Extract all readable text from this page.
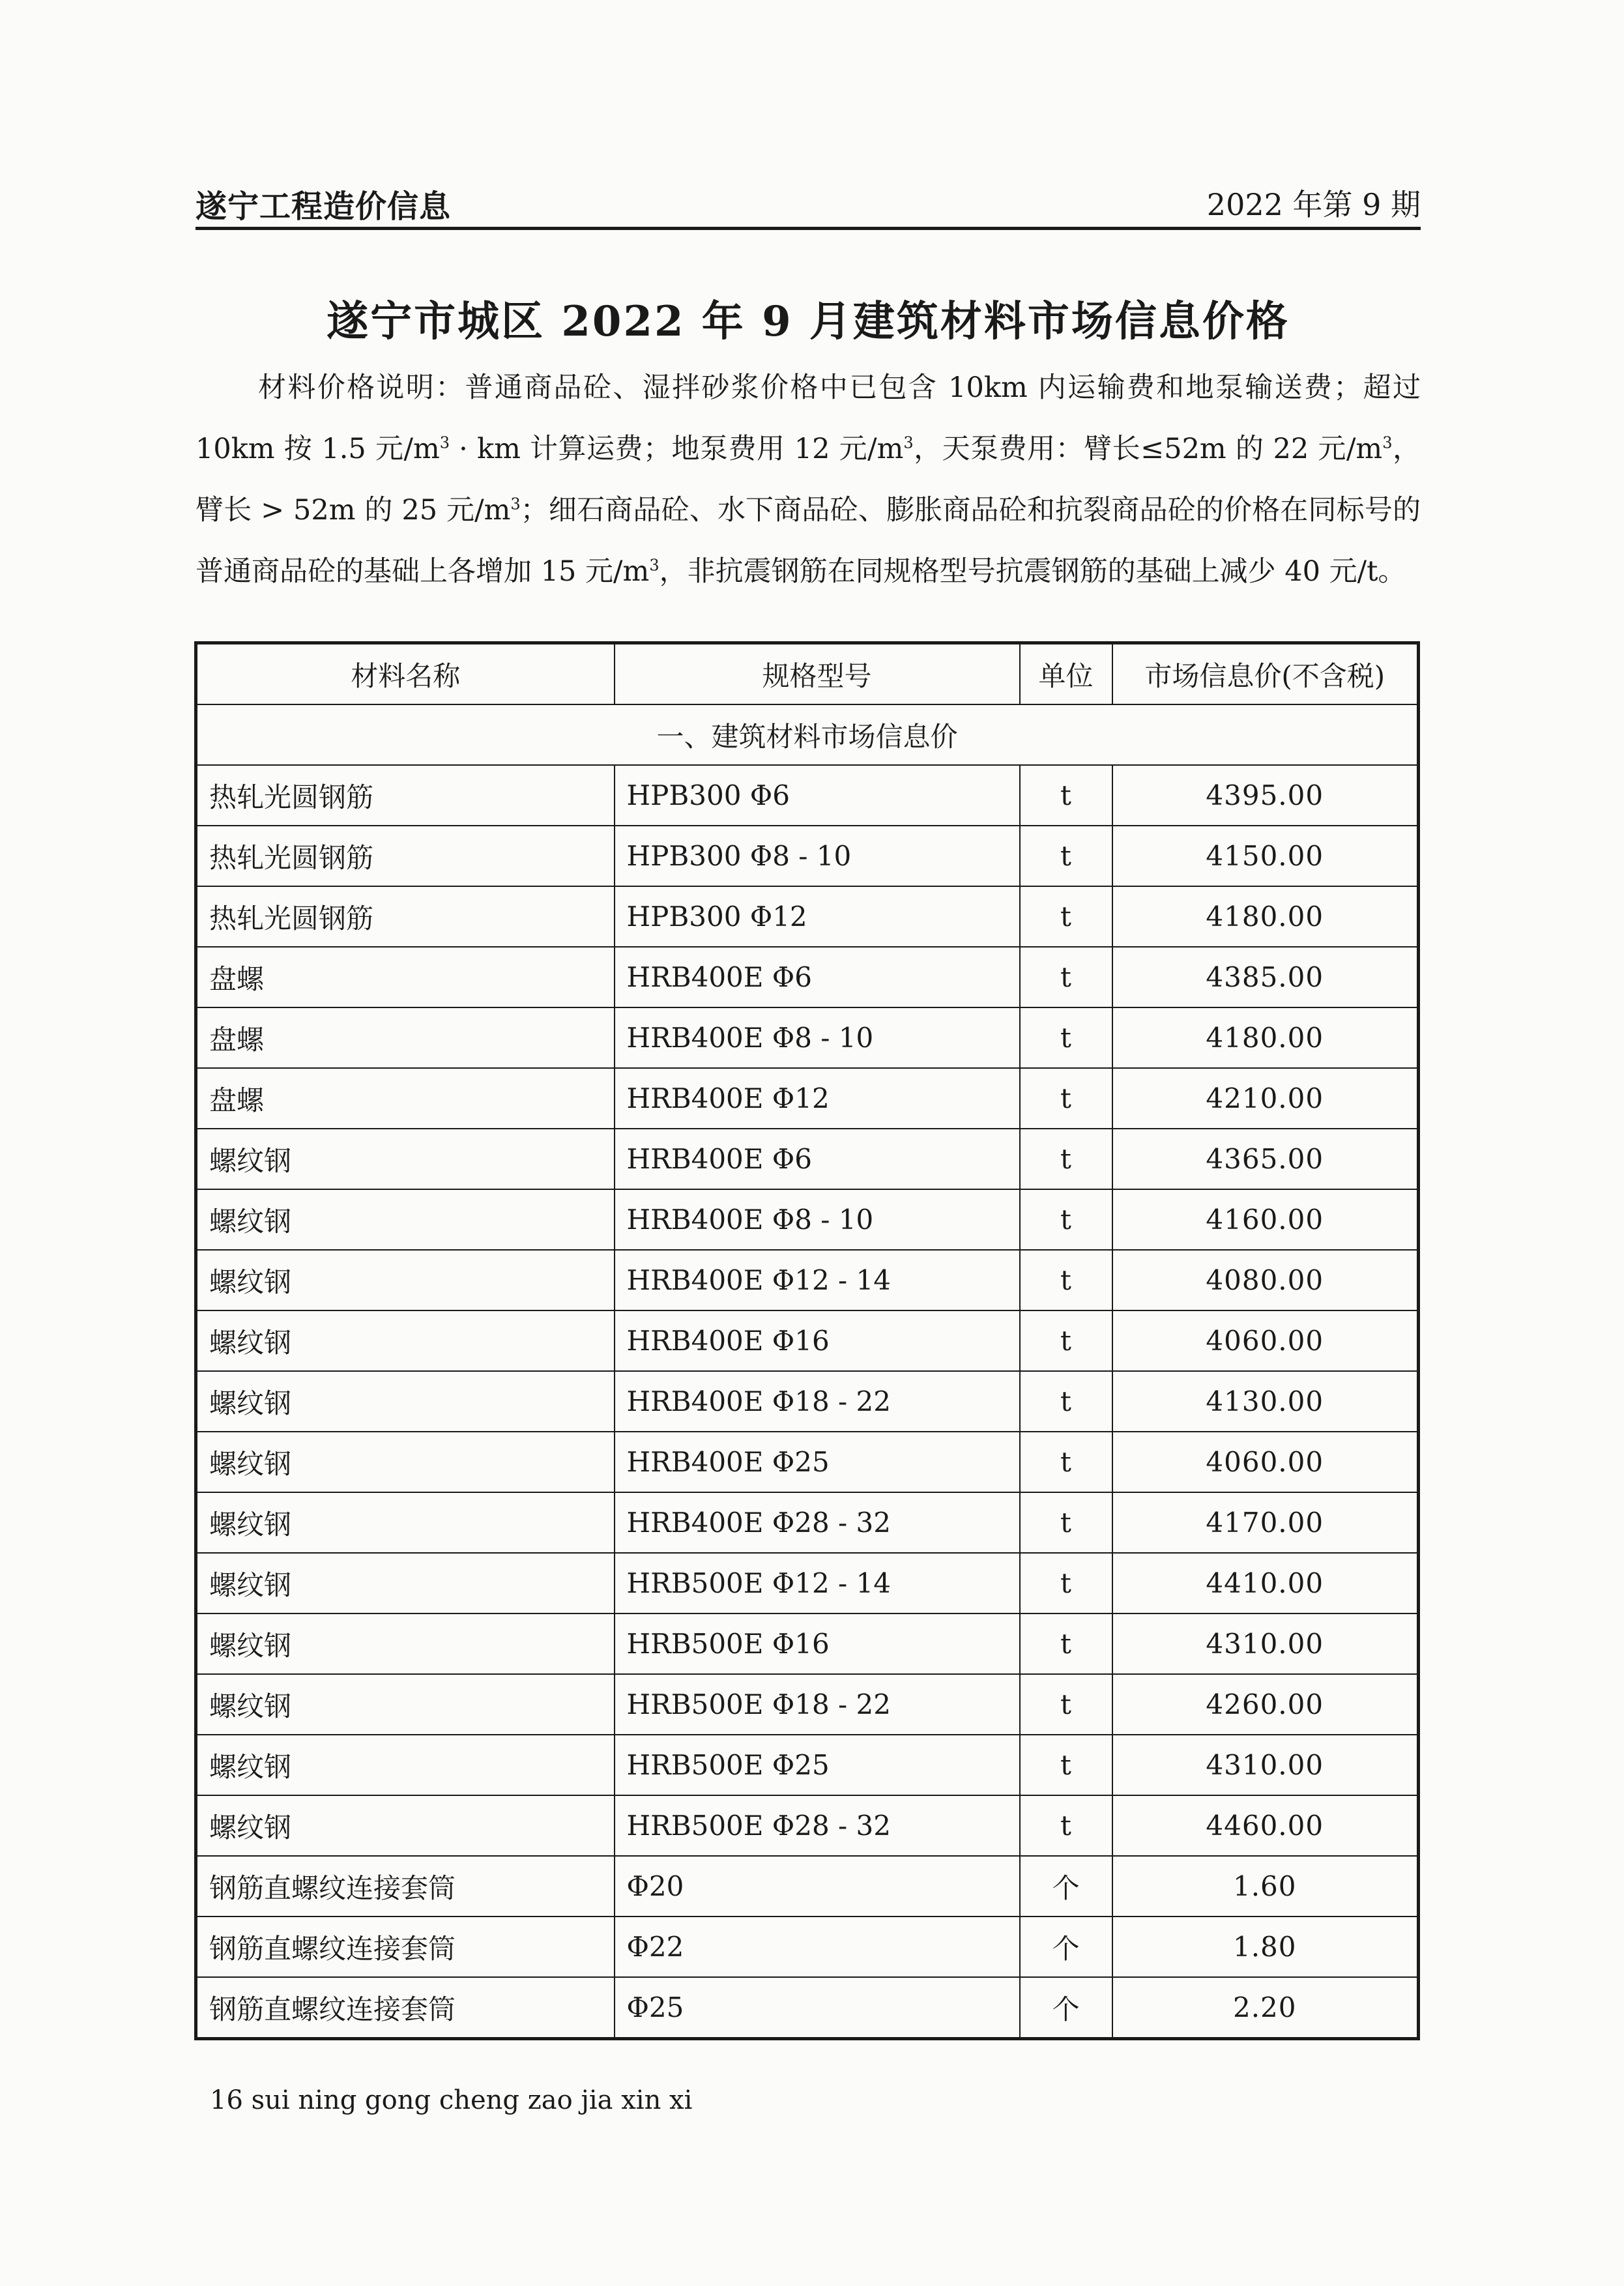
遂宁工程造价信息	2022 年第 9 期
遂宁市城区 2022 年 9 月建筑材料市场信息价格

材料价格说明：普通商品砼、湿拌砂浆价格中已包含 10km 内运输费和地泵输送费；超过 10km 按 1.5 元$/m^3$ · km 计算运费；地泵费用 12 元$/m^3$，天泵费用：臂长≤52m 的 22 元$/m^3$，臂长 > 52m 的 25 元$/m^3$；细石商品砼、水下商品砼、膨胀商品砼和抗裂商品砼的价格在同标号的普通商品砼的基础上各增加 15 元$/m^3$，非抗震钢筋在同规格型号抗震钢筋的基础上减少 40 元/t。

材料名称	规格型号	单位	市场信息价(不含税)
一、建筑材料市场信息价			
热轧光圆钢筋	HPB300 Φ6	t	4395.00
热轧光圆钢筋	HPB300 Φ8 - 10	t	4150.00
热轧光圆钢筋	HPB300 Φ12	t	4180.00
盘螺	HRB400E Φ6	t	4385.00
盘螺	HRB400E Φ8 - 10	t	4180.00
盘螺	HRB400E Φ12	t	4210.00
螺纹钢	HRB400E Φ6	t	4365.00
螺纹钢	HRB400E Φ8 - 10	t	4160.00
螺纹钢	HRB400E Φ12 - 14	t	4080.00
螺纹钢	HRB400E Φ16	t	4060.00
螺纹钢	HRB400E Φ18 - 22	t	4130.00
螺纹钢	HRB400E Φ25	t	4060.00
螺纹钢	HRB400E Φ28 - 32	t	4170.00
螺纹钢	HRB500E Φ12 - 14	t	4410.00
螺纹钢	HRB500E Φ16	t	4310.00
螺纹钢	HRB500E Φ18 - 22	t	4260.00
螺纹钢	HRB500E Φ25	t	4310.00
螺纹钢	HRB500E Φ28 - 32	t	4460.00
钢筋直螺纹连接套筒	Φ20	个	1.60
钢筋直螺纹连接套筒	Φ22	个	1.80
钢筋直螺纹连接套筒	Φ25	个	2.20
16 sui ning gong cheng zao jia xin xi
